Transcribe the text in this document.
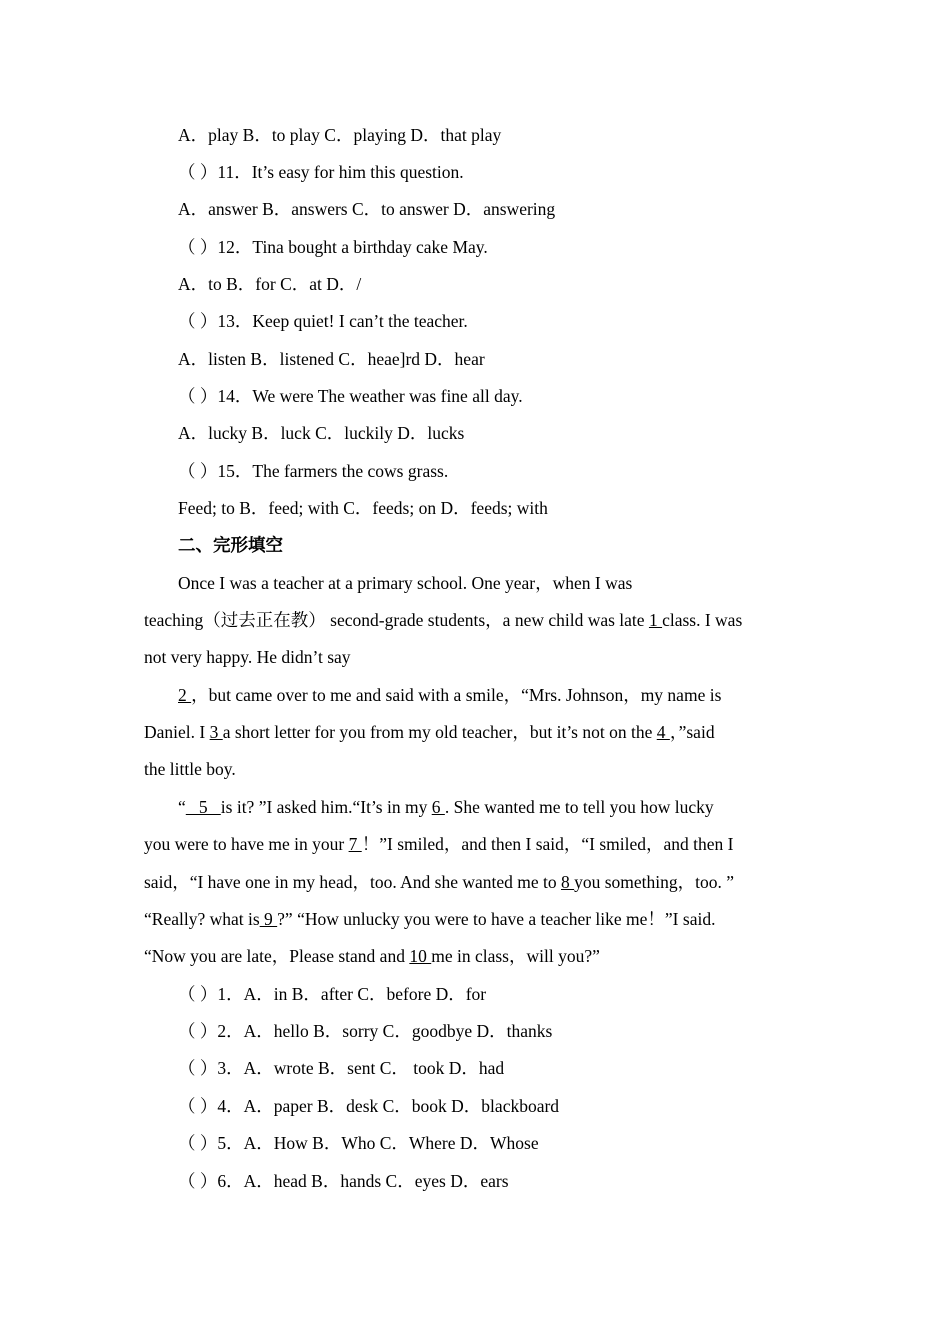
A．play B．to play C．playing D．that play
（ ）11．It’s easy for him this question.
A．answer B．answers C．to answer D．answering
（ ）12．Tina bought a birthday cake May.
A．to B．for C．at D．/
（ ）13．Keep quiet! I can’t the teacher.
A．listen B．listened C．heae]rd D．hear
（ ）14．We were The weather was fine all day.
A．lucky B．luck C．luckily D．lucks
（ ）15．The farmers the cows grass.
Feed; to B．feed; with C．feeds; on D．feeds; with
二、完形填空
Once I was a teacher at a primary school. One year，when I was
teaching（过去正在教） second-grade students，a new child was late 1 class. I was
not very happy. He didn’t say
2 ，but came over to me and said with a smile，“Mrs. Johnson，my name is
Daniel. I 3 a short letter for you from my old teacher，but it’s not on the 4 ，”said
the little boy.
“   5   is it? ”I asked him.“It’s in my 6 . She wanted me to tell you how lucky
you were to have me in your 7 ！”I smiled，and then I said，“I smiled，and then I
said，“I have one in my head，too. And she wanted me to 8 you something，too. ”
“Really? what is 9 ?” “How unlucky you were to have a teacher like me！”I said.
“Now you are late，Please stand and 10 me in class，will you?”
（ ）1．A．in B．after C．before D．for
（ ）2．A．hello B．sorry C．goodbye D．thanks
（ ）3．A．wrote B．sent C． took D．had
（ ）4．A．paper B．desk C．book D．blackboard
（ ）5．A．How B．Who C．Where D．Whose
（ ）6．A．head B．hands C．eyes D．ears
